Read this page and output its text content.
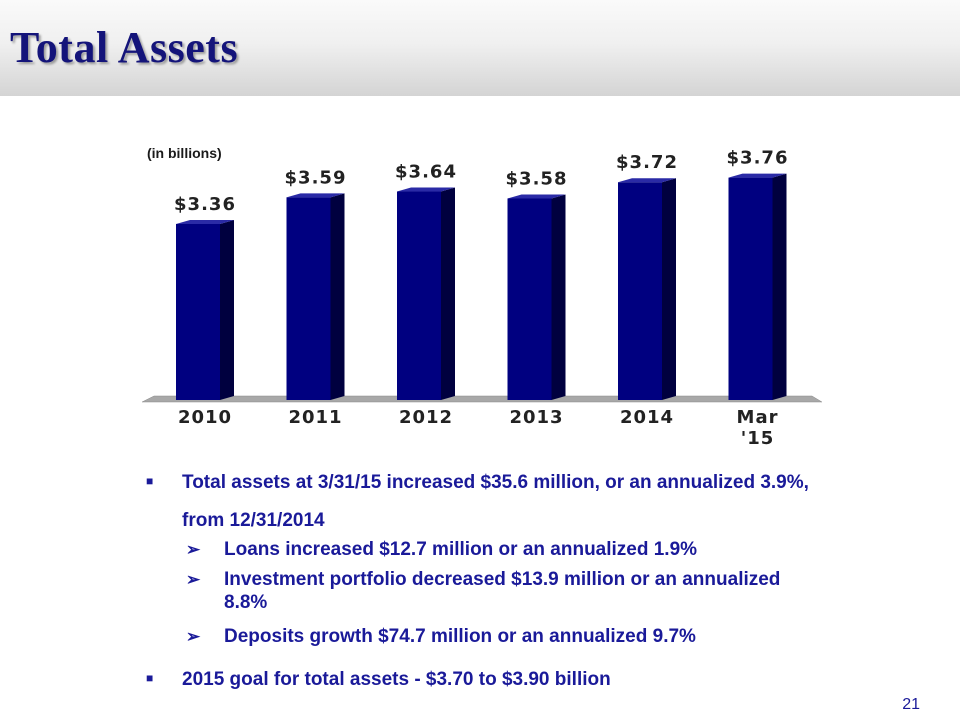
Total Assets
(in billions)
$3.36
2010
$3.59
2011
$3.64
2012
$3.58
2013
$3.72
2014
$3.76
Mar
'15
■ Total assets at 3/31/15 increased $35.6 million, or an annualized 3.9%, from 12/31/2014
➢ Loans increased $12.7 million or an annualized 1.9%
➢ Investment portfolio decreased $13.9 million or an annualized 8.8%
➢ Deposits growth $74.7 million or an annualized 9.7%
■ 2015 goal for total assets - $3.70 to $3.90 billion
21
